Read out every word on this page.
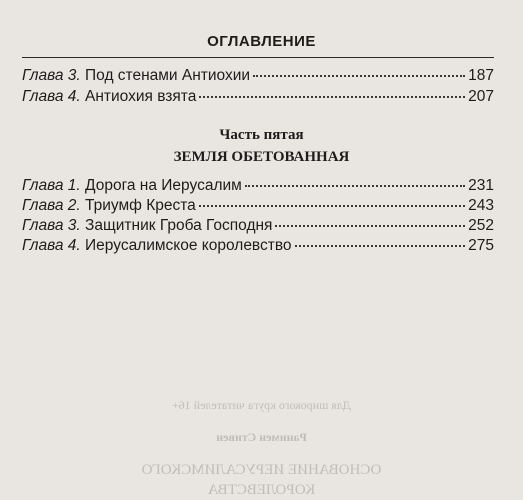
ОГЛАВЛЕНИЕ
Глава 3. Под стенами Антиохии	187
Глава 4. Антиохия взята	207
Часть пятая
ЗЕМЛЯ ОБЕТОВАННАЯ
Глава 1. Дорога на Иерусалим	231
Глава 2. Триумф Креста	243
Глава 3. Защитник Гроба Господня	252
Глава 4. Иерусалимское королевство	275
Для широкого круга читателей 16+
Ранимен Стивен
ОСНОВАНИЕ ИЕРУСАЛИМСКОГО
КОРОЛЕВСТВА
